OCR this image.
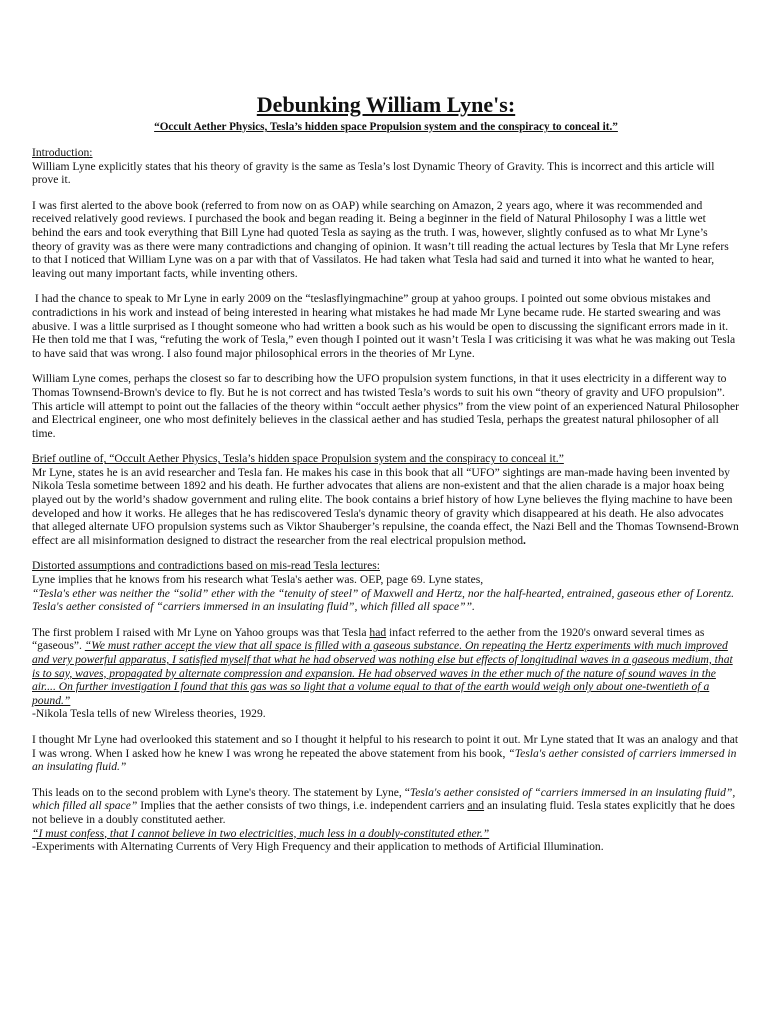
Debunking William Lyne's:

“Occult Aether Physics, Tesla’s hidden space Propulsion system and the conspiracy to conceal it.”

Introduction:

William Lyne explicitly states that his theory of gravity is the same as Tesla’s lost Dynamic Theory of Gravity. This is incorrect and this article will prove it.

I was first alerted to the above book (referred to from now on as OAP) while searching on Amazon, 2 years ago, where it was recommended and received relatively good reviews. I purchased the book and began reading it. Being a beginner in the field of Natural Philosophy I was a little wet behind the ears and took everything that Bill Lyne had quoted Tesla as saying as the truth. I was, however, slightly confused as to what Mr Lyne’s theory of gravity was as there were many contradictions and changing of opinion. It wasn’t till reading the actual lectures by Tesla that Mr Lyne refers to that I noticed that William Lyne was on a par with that of Vassilatos. He had taken what Tesla had said and turned it into what he wanted to hear, leaving out many important facts, while inventing others.

I had the chance to speak to Mr Lyne in early 2009 on the “teslasflyingmachine” group at yahoo groups. I pointed out some obvious mistakes and contradictions in his work and instead of being interested in hearing what mistakes he had made Mr Lyne became rude. He started swearing and was abusive. I was a little surprised as I thought someone who had written a book such as his would be open to discussing the significant errors made in it. He then told me that I was, “refuting the work of Tesla,” even though I pointed out it wasn’t Tesla I was criticising it was what he was making out Tesla to have said that was wrong. I also found major philosophical errors in the theories of Mr Lyne.

William Lyne comes, perhaps the closest so far to describing how the UFO propulsion system functions, in that it uses electricity in a different way to Thomas Townsend-Brown's device to fly. But he is not correct and has twisted Tesla’s words to suit his own “theory of gravity and UFO propulsion”. This article will attempt to point out the fallacies of the theory within “occult aether physics” from the view point of an experienced Natural Philosopher and Electrical engineer, one who most definitely believes in the classical aether and has studied Tesla, perhaps the greatest natural philosopher of all time.

Brief outline of, “Occult Aether Physics, Tesla’s hidden space Propulsion system and the conspiracy to conceal it.”

Mr Lyne, states he is an avid researcher and Tesla fan. He makes his case in this book that all “UFO” sightings are man-made having been invented by Nikola Tesla sometime between 1892 and his death. He further advocates that aliens are non-existent and that the alien charade is a major hoax being played out by the world’s shadow government and ruling elite. The book contains a brief history of how Lyne believes the flying machine to have been developed and how it works. He alleges that he has rediscovered Tesla's dynamic theory of gravity which disappeared at his death. He also advocates that alleged alternate UFO propulsion systems such as Viktor Shauberger’s repulsine, the coanda effect, the Nazi Bell and the Thomas Townsend-Brown effect are all misinformation designed to distract the researcher from the real electrical propulsion method.

Distorted assumptions and contradictions based on mis-read Tesla lectures:

Lyne implies that he knows from his research what Tesla's aether was. OEP, page 69. Lyne states,

“Tesla's ether was neither the “solid” ether with the “tenuity of steel” of Maxwell and Hertz, nor the half-hearted, entrained, gaseous ether of Lorentz. Tesla's aether consisted of “carriers immersed in an insulating fluid”, which filled all space””.

The first problem I raised with Mr Lyne on Yahoo groups was that Tesla had infact referred to the aether from the 1920's onward several times as “gaseous”. “We must rather accept the view that all space is filled with a gaseous substance. On repeating the Hertz experiments with much improved and very powerful apparatus, I satisfied myself that what he had observed was nothing else but effects of longitudinal waves in a gaseous medium, that is to say, waves, propagated by alternate compression and expansion. He had observed waves in the ether much of the nature of sound waves in the air.... On further investigation I found that this gas was so light that a volume equal to that of the earth would weigh only about one-twentieth of a pound.”

-Nikola Tesla tells of new Wireless theories, 1929.

I thought Mr Lyne had overlooked this statement and so I thought it helpful to his research to point it out. Mr Lyne stated that It was an analogy and that I was wrong. When I asked how he knew I was wrong he repeated the above statement from his book, “Tesla's aether consisted of carriers immersed in an insulating fluid.”

This leads on to the second problem with Lyne's theory. The statement by Lyne, “Tesla's aether consisted of “carriers immersed in an insulating fluid”, which filled all space” Implies that the aether consists of two things, i.e. independent carriers and an insulating fluid. Tesla states explicitly that he does not believe in a doubly constituted aether.

“I must confess, that I cannot believe in two electricities, much less in a doubly-constituted ether.”

-Experiments with Alternating Currents of Very High Frequency and their application to methods of Artificial Illumination.
